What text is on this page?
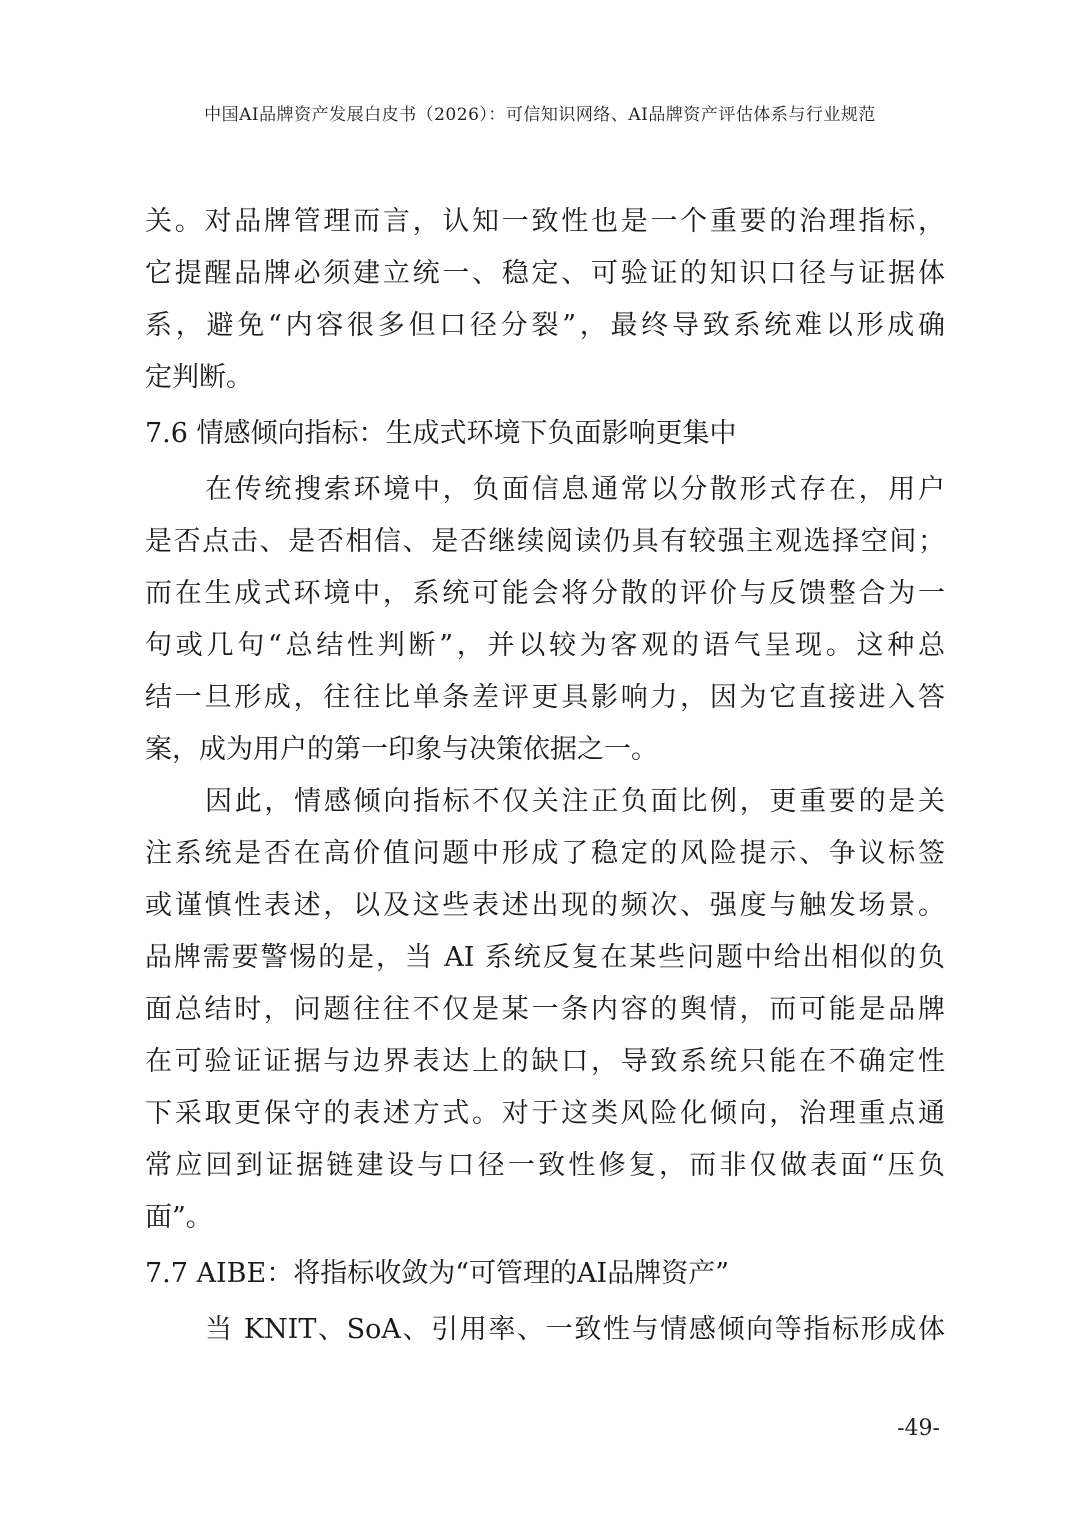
中国AI品牌资产发展白皮书（2026）：可信知识网络、AI品牌资产评估体系与行业规范
关。对品牌管理而言，认知一致性也是一个重要的治理指标，
它提醒品牌必须建立统一、稳定、可验证的知识口径与证据体
系，避免“内容很多但口径分裂”，最终导致系统难以形成确
定判断。
7.6 情感倾向指标：生成式环境下负面影响更集中
在传统搜索环境中，负面信息通常以分散形式存在，用户
是否点击、是否相信、是否继续阅读仍具有较强主观选择空间；
而在生成式环境中，系统可能会将分散的评价与反馈整合为一
句或几句“总结性判断”，并以较为客观的语气呈现。这种总
结一旦形成，往往比单条差评更具影响力，因为它直接进入答
案，成为用户的第一印象与决策依据之一。
因此，情感倾向指标不仅关注正负面比例，更重要的是关
注系统是否在高价值问题中形成了稳定的风险提示、争议标签
或谨慎性表述，以及这些表述出现的频次、强度与触发场景。
品牌需要警惕的是，当 AI 系统反复在某些问题中给出相似的负
面总结时，问题往往不仅是某一条内容的舆情，而可能是品牌
在可验证证据与边界表达上的缺口，导致系统只能在不确定性
下采取更保守的表述方式。对于这类风险化倾向，治理重点通
常应回到证据链建设与口径一致性修复，而非仅做表面“压负
面”。
7.7 AIBE：将指标收敛为“可管理的AI品牌资产”
当 KNIT、SoA、引用率、一致性与情感倾向等指标形成体
-49-
